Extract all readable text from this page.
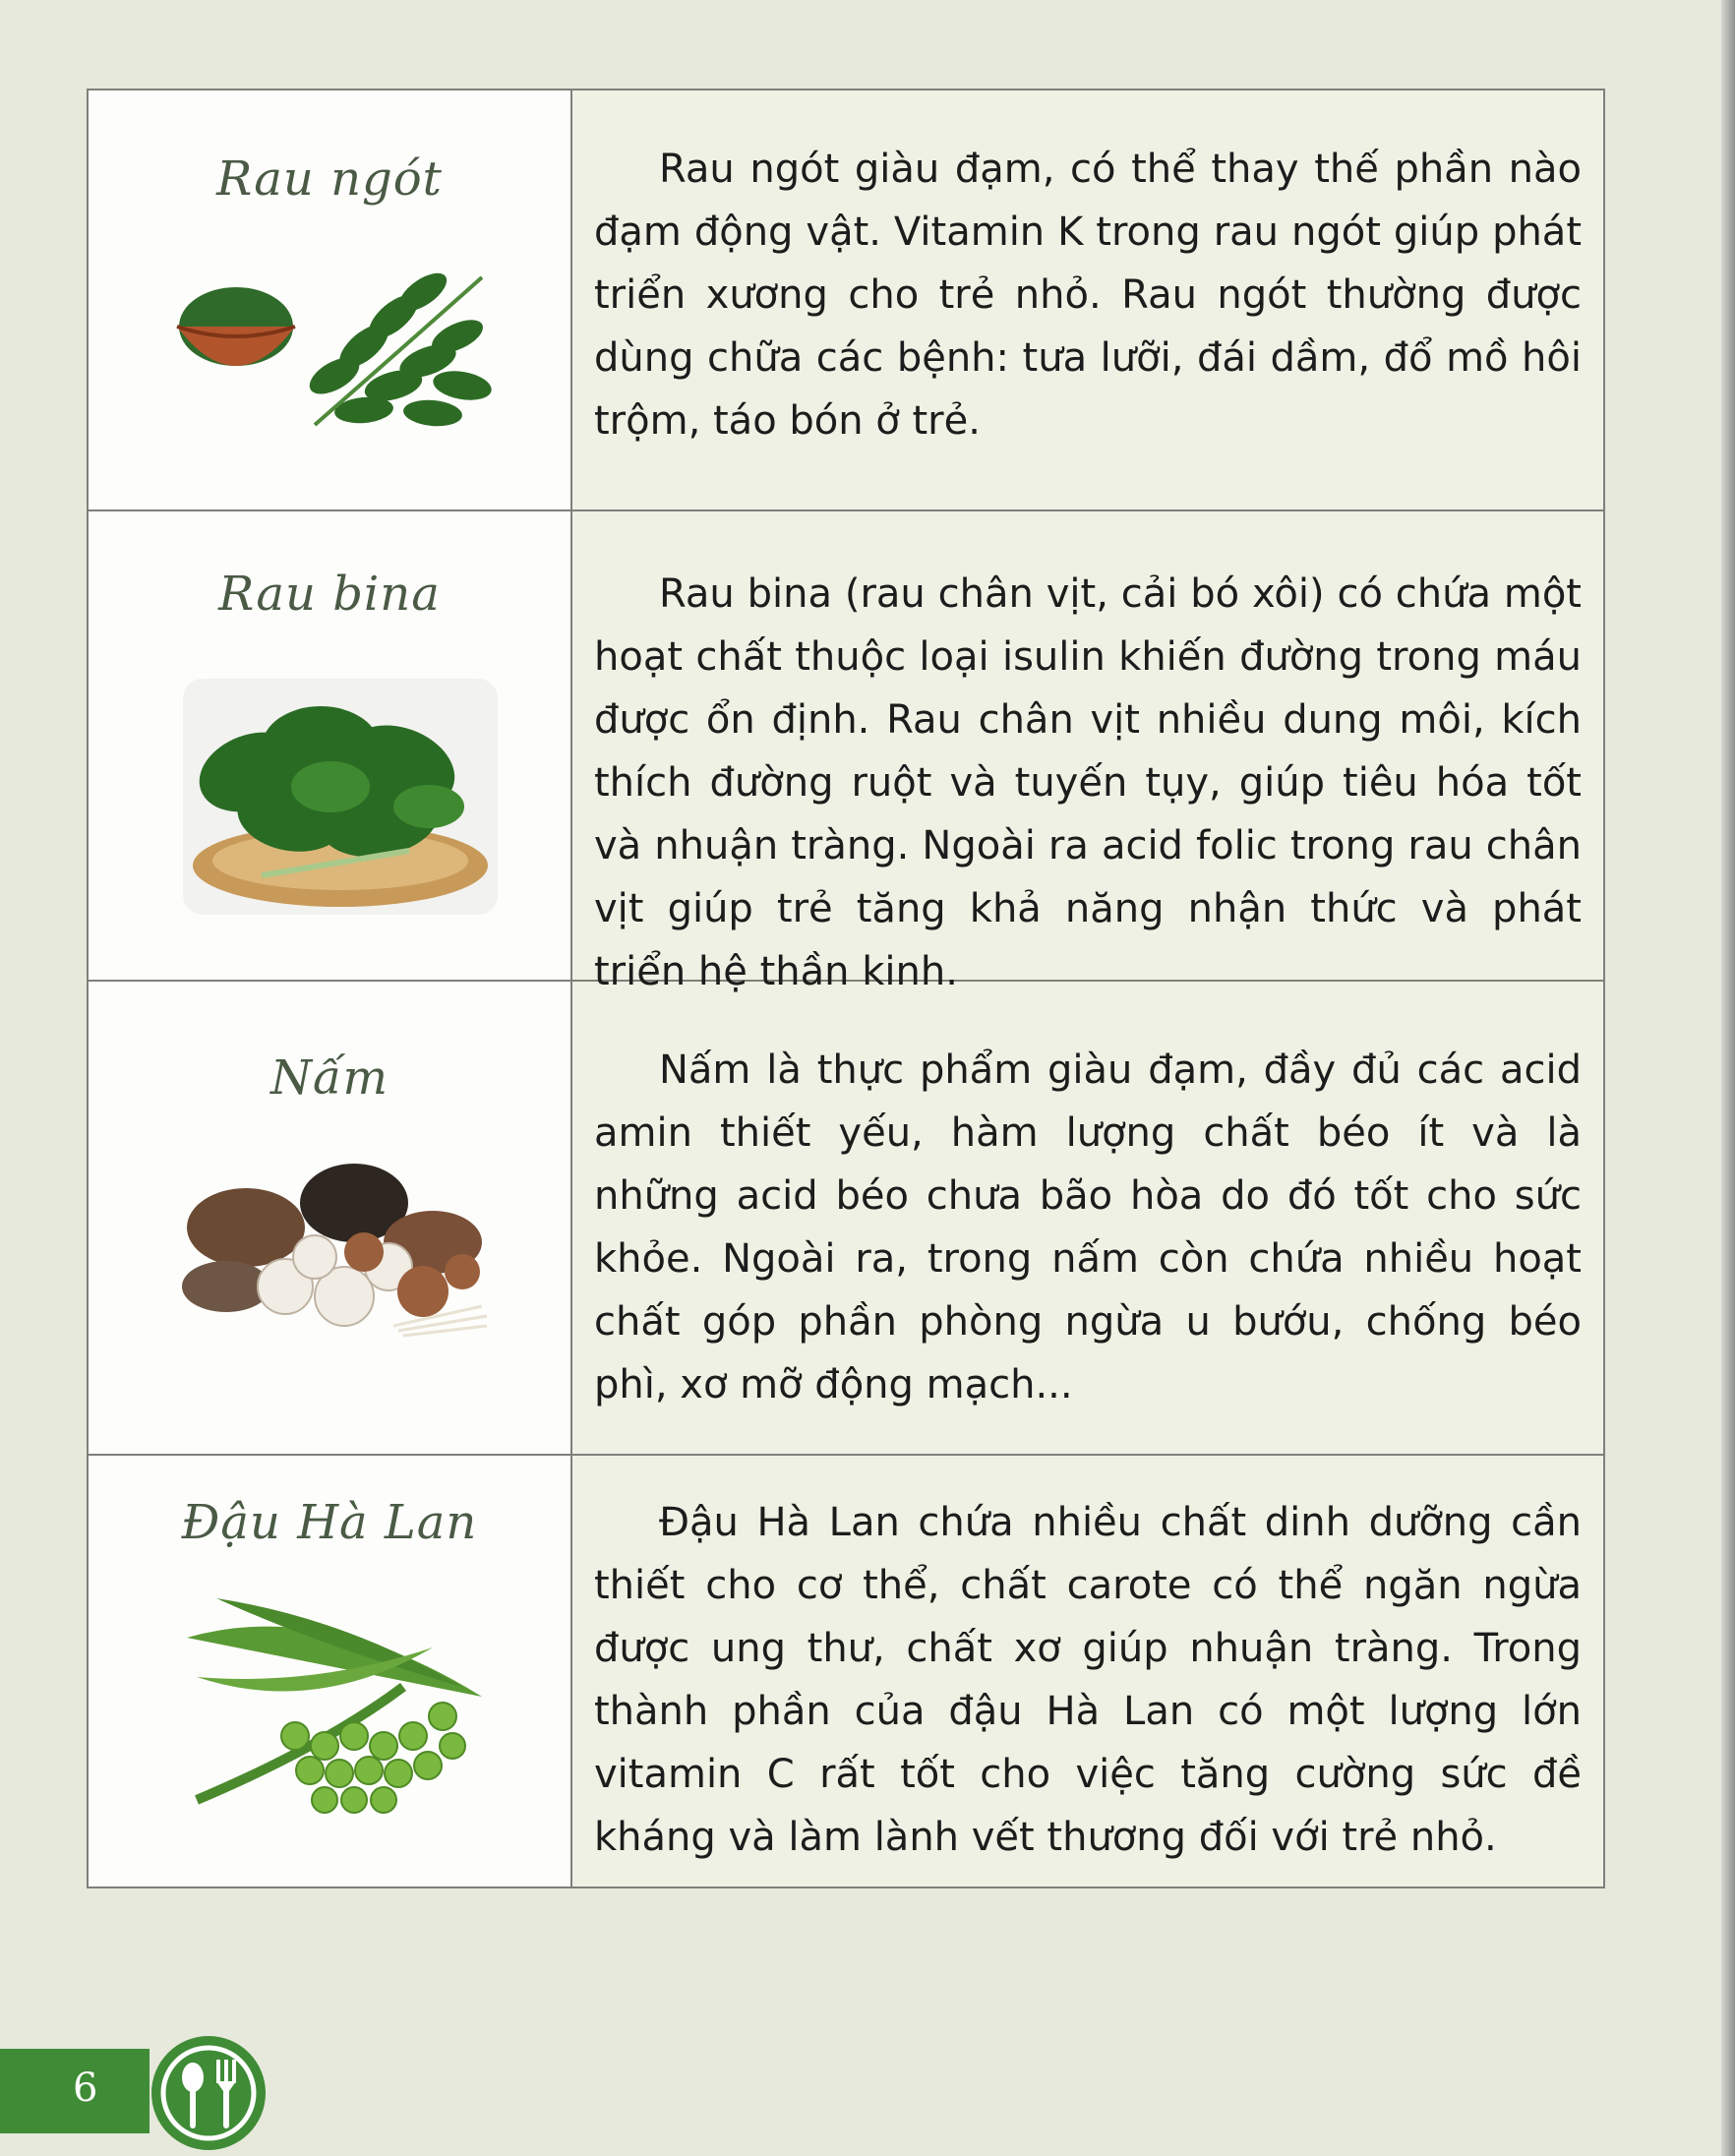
Rau ngót	Rau ngót giàu đạm, có thể thay thế phần nào đạm động vật. Vitamin K trong rau ngót giúp phát triển xương cho trẻ nhỏ. Rau ngót thường được dùng chữa các bệnh: tưa lưỡi, đái dầm, đổ mồ hôi trộm, táo bón ở trẻ.

Rau bina	Rau bina (rau chân vịt, cải bó xôi) có chứa một hoạt chất thuộc loại isulin khiến đường trong máu được ổn định. Rau chân vịt nhiều dung môi, kích thích đường ruột và tuyến tụy, giúp tiêu hóa tốt và nhuận tràng. Ngoài ra acid folic trong rau chân vịt giúp trẻ tăng khả năng nhận thức và phát triển hệ thần kinh.

Nấm	Nấm là thực phẩm giàu đạm, đầy đủ các acid amin thiết yếu, hàm lượng chất béo ít và là những acid béo chưa bão hòa do đó tốt cho sức khỏe. Ngoài ra, trong nấm còn chứa nhiều hoạt chất góp phần phòng ngừa u bướu, chống béo phì, xơ mỡ động mạch...

Đậu Hà Lan	Đậu Hà Lan chứa nhiều chất dinh dưỡng cần thiết cho cơ thể, chất carote có thể ngăn ngừa được ung thư, chất xơ giúp nhuận tràng. Trong thành phần của đậu Hà Lan có một lượng lớn vitamin C rất tốt cho việc tăng cường sức đề kháng và làm lành vết thương đối với trẻ nhỏ.

6
